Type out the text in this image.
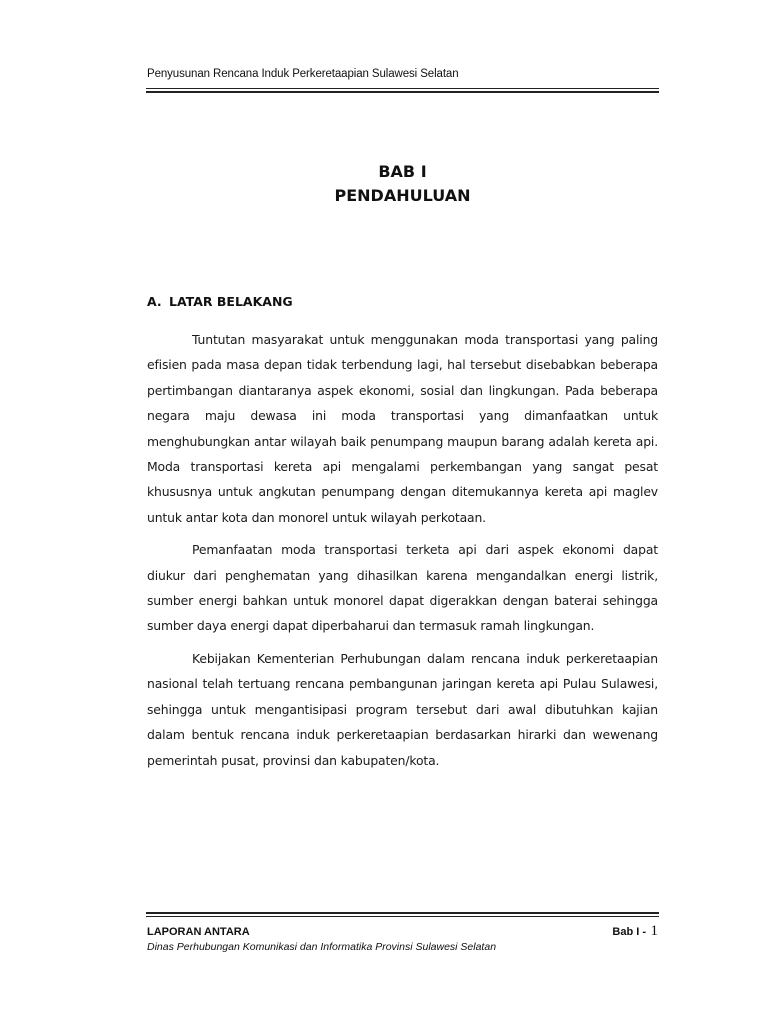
Penyusunan Rencana Induk Perkeretaapian Sulawesi Selatan
BAB I
PENDAHULUAN
A. LATAR BELAKANG

Tuntutan masyarakat untuk menggunakan moda transportasi yang paling efisien pada masa depan tidak terbendung lagi, hal tersebut disebabkan beberapa pertimbangan diantaranya aspek ekonomi, sosial dan lingkungan. Pada beberapa negara maju dewasa ini moda transportasi yang dimanfaatkan untuk menghubungkan antar wilayah baik penumpang maupun barang adalah kereta api. Moda transportasi kereta api mengalami perkembangan yang sangat pesat khususnya untuk angkutan penumpang dengan ditemukannya kereta api maglev untuk antar kota dan monorel untuk wilayah perkotaan.

Pemanfaatan moda transportasi terketa api dari aspek ekonomi dapat diukur dari penghematan yang dihasilkan karena mengandalkan energi listrik, sumber energi bahkan untuk monorel dapat digerakkan dengan baterai sehingga sumber daya energi dapat diperbaharui dan termasuk ramah lingkungan.

Kebijakan Kementerian Perhubungan dalam rencana induk perkeretaapian nasional telah tertuang rencana pembangunan jaringan kereta api Pulau Sulawesi, sehingga untuk mengantisipasi program tersebut dari awal dibutuhkan kajian dalam bentuk rencana induk perkeretaapian berdasarkan hirarki dan wewenang pemerintah pusat, provinsi dan kabupaten/kota.

LAPORAN ANTARA
Dinas Perhubungan Komunikasi dan Informatika Provinsi Sulawesi Selatan
Bab I - 1
